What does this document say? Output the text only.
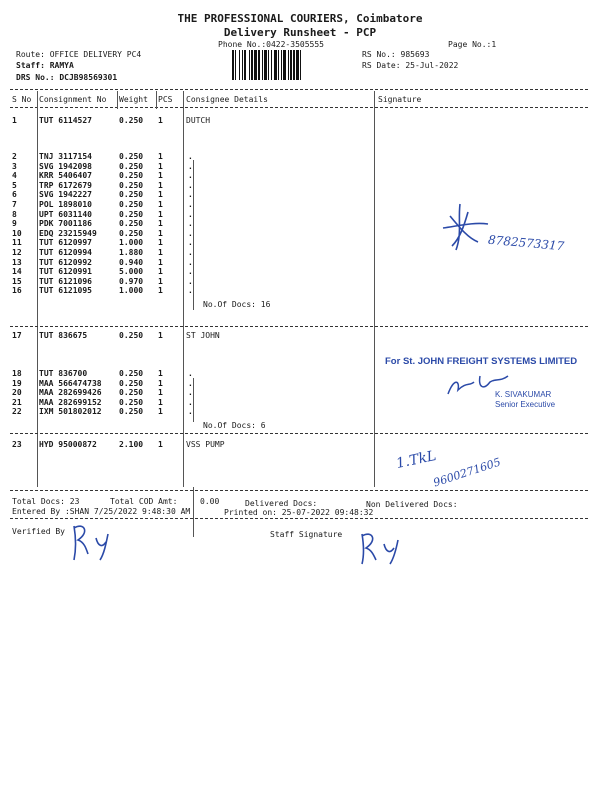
THE PROFESSIONAL COURIERS, Coimbatore
Delivery Runsheet - PCP
Phone No.:0422-3505555	Page No.:1
Route: OFFICE DELIVERY PC4
Staff: RAMYA
DRS No.: DCJB98569301
RS No.: 985693
RS Date: 25-Jul-2022
S No Consignment No Weight PCS Consignee Details	Signature
1	TUT 6114527	0.250 1	DUTCH
2	TNJ 3117154	0.250 1	.
3	SVG 1942098	0.250 1	.
4	KRR 5406407	0.250 1	.
5	TRP 6172679	0.250 1	.
6	SVG 1942227	0.250 1	.
7	POL 1898010	0.250 1	.
8	UPT 6031140	0.250 1	.
9	PDK 7001186	0.250 1	.
10 EDQ 23215949	0.250 1	.
11 TUT 6120997	1.000 1	.
12 TUT 6120994	1.880 1	.
13 TUT 6120992	0.940 1	.
14 TUT 6120991	5.000 1	.
15 TUT 6121096	0.970 1	.
16 TUT 6121095	1.000 1	.
No.Of Docs: 16
17 TUT 836675	0.250 1	ST JOHN
18 TUT 836700	0.250 1	.
19 MAA 566474738 0.250 1	.
20 MAA 282699426 0.250 1	.
21 MAA 282699152 0.250 1	.
22 IXM 501802012 0.250 1	.
No.Of Docs: 6
23 HYD 95000872	2.100 1	VSS PUMP
For St. JOHN FREIGHT SYSTEMS LIMITED
K. SIVAKUMAR
Senior Executive
8782573317
1.TkL
9600271605
Total Docs: 23	Total COD Amt:	0.00	Delivered Docs:	Non Delivered Docs:
Entered By :SHAN 7/25/2022 9:48:30 AM	Printed on: 25-07-2022 09:48:32
Verified By	Staff Signature
